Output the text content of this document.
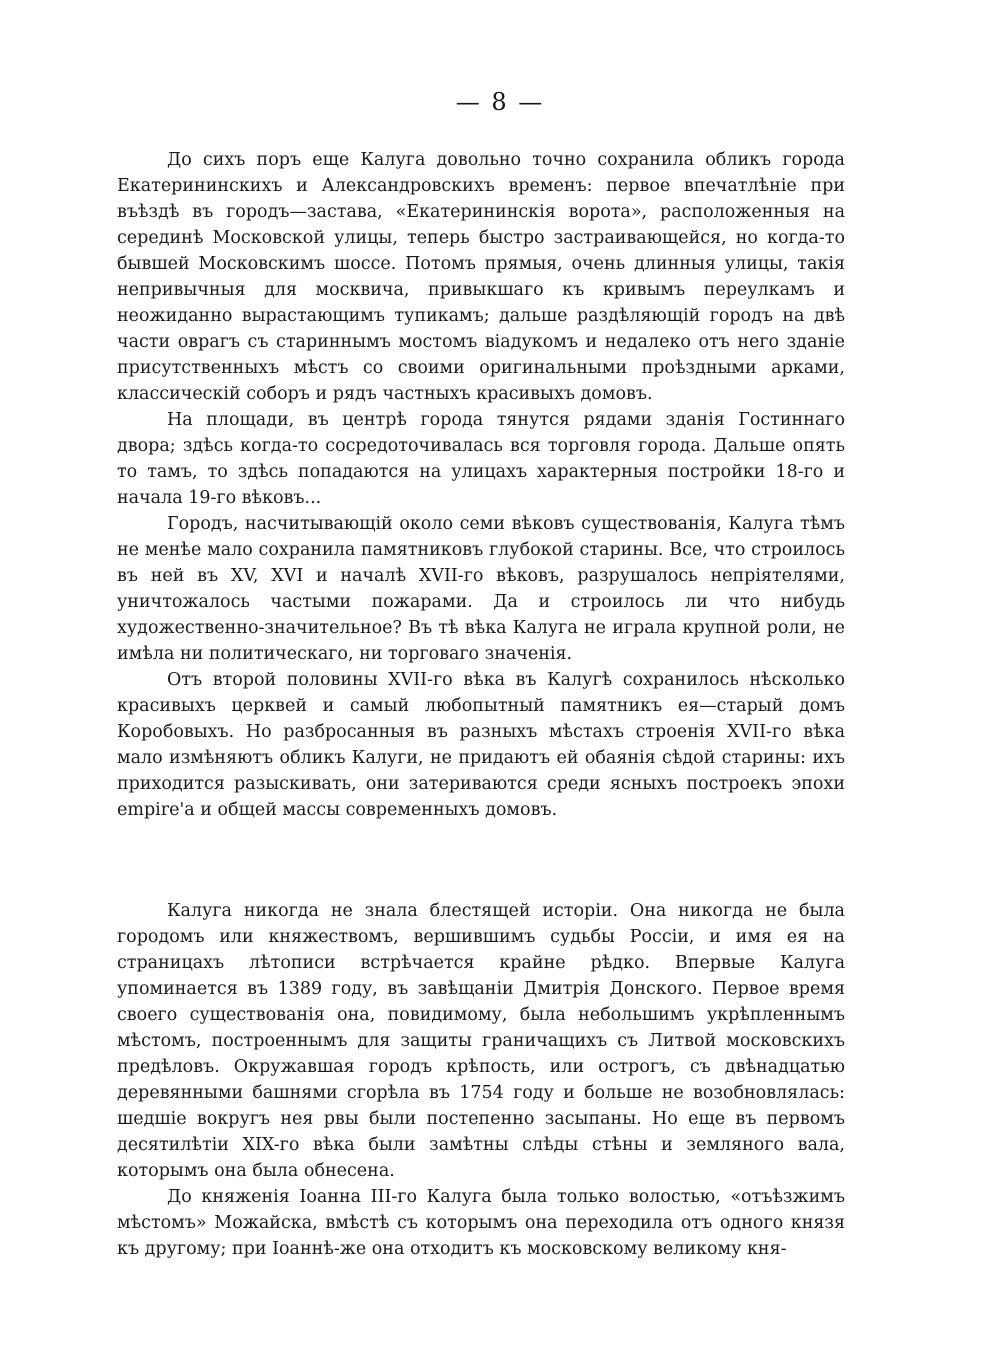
— 8 —

До сихъ поръ еще Калуга довольно точно сохранила обликъ города Екатерининскихъ и Александровскихъ временъ: первое впечатлѣніе при въѣздѣ въ городъ—застава, «Екатерининскія ворота», расположенныя на серединѣ Московской улицы, теперь быстро застраивающейся, но когда-то бывшей Московскимъ шоссе. Потомъ прямыя, очень длинныя улицы, такія непривычныя для москвича, привыкшаго къ кривымъ переулкамъ и неожиданно вырастающимъ тупикамъ; дальше раздѣляющій городъ на двѣ части оврагъ съ стариннымъ мостомъ віадукомъ и недалеко отъ него зданіе присутственныхъ мѣстъ со своими оригинальными проѣздными арками, классическій соборъ и рядъ частныхъ красивыхъ домовъ.

На площади, въ центрѣ города тянутся рядами зданія Гостиннаго двора; здѣсь когда-то сосредоточивалась вся торговля города. Дальше опять то тамъ, то здѣсь попадаются на улицахъ характерныя постройки 18-го и начала 19-го вѣковъ...

Городъ, насчитывающій около семи вѣковъ существованія, Калуга тѣмъ не менѣе мало сохранила памятниковъ глубокой старины. Все, что строилось въ ней въ XV, XVI и началѣ XVII-го вѣковъ, разрушалось непріятелями, уничтожалось частыми пожарами. Да и строилось ли что нибудь художественно-значительное? Въ тѣ вѣка Калуга не играла крупной роли, не имѣла ни политическаго, ни торговаго значенія.

Отъ второй половины XVII-го вѣка въ Калугѣ сохранилось нѣсколько красивыхъ церквей и самый любопытный памятникъ ея—старый домъ Коробовыхъ. Но разбросанныя въ разныхъ мѣстахъ строенія XVII-го вѣка мало измѣняютъ обликъ Калуги, не придаютъ ей обаянія сѣдой старины: ихъ приходится разыскивать, они затериваются среди ясныхъ построекъ эпохи empire'a и общей массы современныхъ домовъ.

Калуга никогда не знала блестящей исторіи. Она никогда не была городомъ или княжествомъ, вершившимъ судьбы Россіи, и имя ея на страницахъ лѣтописи встрѣчается крайне рѣдко. Впервые Калуга упоминается въ 1389 году, въ завѣщаніи Дмитрія Донского. Первое время своего существованія она, повидимому, была небольшимъ укрѣпленнымъ мѣстомъ, построеннымъ для защиты граничащихъ съ Литвой московскихъ предѣловъ. Окружавшая городъ крѣпость, или острогъ, съ двѣнадцатью деревянными башнями сгорѣла въ 1754 году и больше не возобновлялась: шедшіе вокругъ нея рвы были постепенно засыпаны. Но еще въ первомъ десятилѣтіи XIX-го вѣка были замѣтны слѣды стѣны и земляного вала, которымъ она была обнесена.

До княженія Іоанна III-го Калуга была только волостью, «отъѣзжимъ мѣстомъ» Можайска, вмѣстѣ съ которымъ она переходила отъ одного князя къ другому; при Іоаннѣ-же она отходитъ къ московскому великому кня-
